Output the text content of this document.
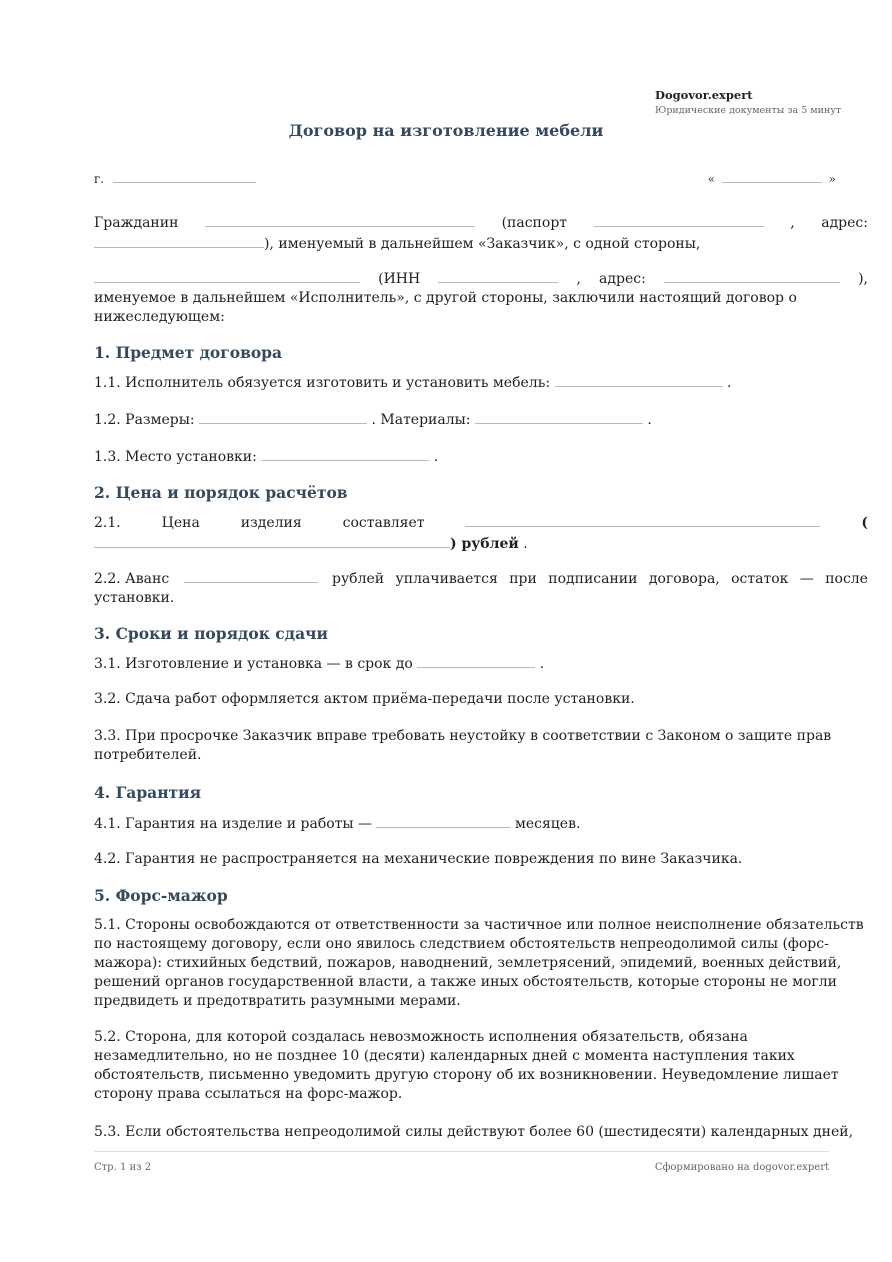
Dogovor.expert
Юридические документы за 5 минут
Договор на изготовление мебели
г.	«	»
Гражданин	(паспорт	, адрес:
), именуемый в дальнейшем «Заказчик», с одной стороны,
(ИНН	, адрес:	),
именуемое в дальнейшем «Исполнитель», с другой стороны, заключили настоящий договор о нижеследующем:
1. Предмет договора
1.1. Исполнитель обязуется изготовить и установить мебель:	.
1.2. Размеры:	. Материалы:	.
1.3. Место установки:	.
2. Цена и порядок расчётов
2.1.	Цена	изделия	составляет	(
) рублей .
2.2. Аванс	рублей уплачивается при подписании договора, остаток — после
установки.
3. Сроки и порядок сдачи
3.1. Изготовление и установка — в срок до	.
3.2. Сдача работ оформляется актом приёма-передачи после установки.
3.3. При просрочке Заказчик вправе требовать неустойку в соответствии с Законом о защите прав потребителей.
4. Гарантия
4.1. Гарантия на изделие и работы —	месяцев.
4.2. Гарантия не распространяется на механические повреждения по вине Заказчика.
5. Форс-мажор
5.1. Стороны освобождаются от ответственности за частичное или полное неисполнение обязательств по настоящему договору, если оно явилось следствием обстоятельств непреодолимой силы (форс-мажора): стихийных бедствий, пожаров, наводнений, землетрясений, эпидемий, военных действий, решений органов государственной власти, а также иных обстоятельств, которые стороны не могли предвидеть и предотвратить разумными мерами.
5.2. Сторона, для которой создалась невозможность исполнения обязательств, обязана незамедлительно, но не позднее 10 (десяти) календарных дней с момента наступления таких обстоятельств, письменно уведомить другую сторону об их возникновении. Неуведомление лишает сторону права ссылаться на форс-мажор.
5.3. Если обстоятельства непреодолимой силы действуют более 60 (шестидесяти) календарных дней,
Стр. 1 из 2	Сформировано на dogovor.expert
